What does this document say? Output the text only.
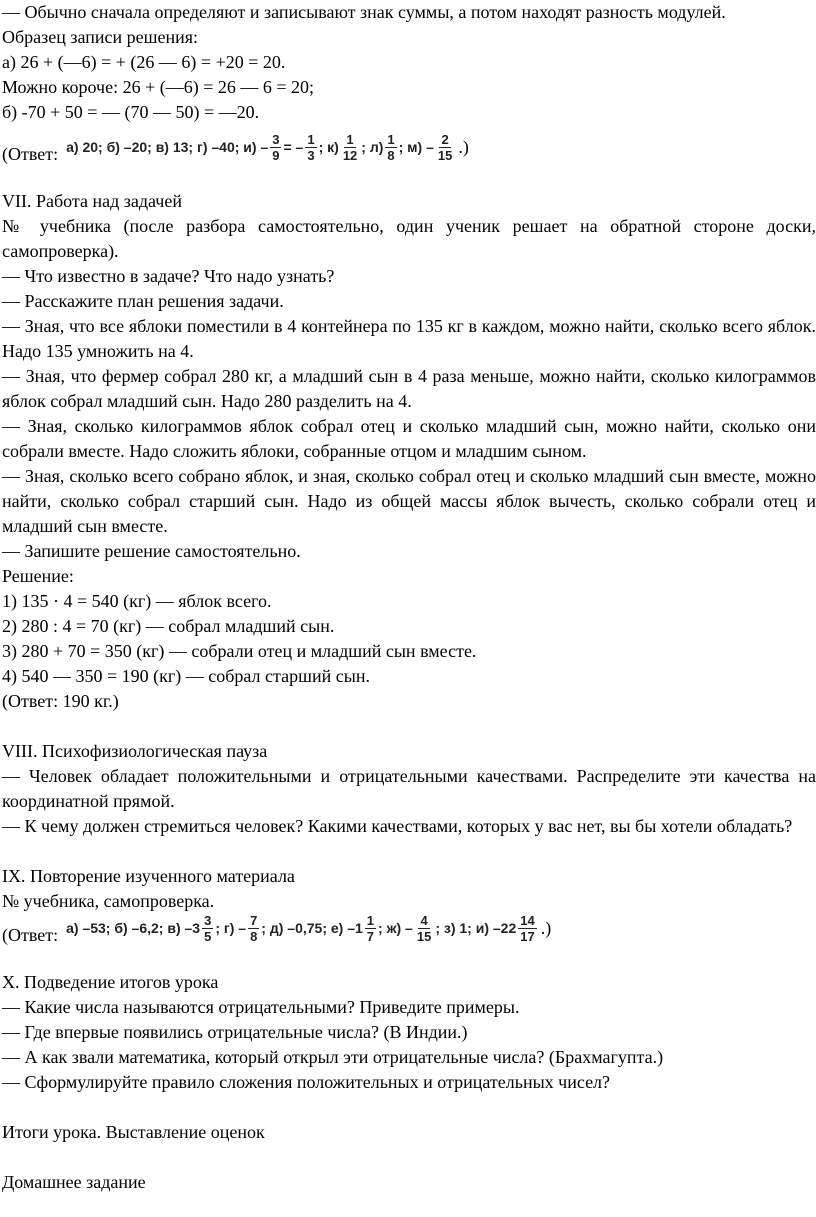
— Обычно сначала определяют и записывают знак суммы, а потом находят разность модулей.

Образец записи решения:

а) 26 + (—6) = + (26 — 6) = +20 = 20.

Можно короче: 26 + (—6) = 26 — 6 = 20;

б) -70 + 50 = — (70 — 50) = —20.

(Ответ: а) 20;
б) –20;
в) 13;
г) –40;
$и) - \frac{3}{9}$ = – $\frac{1}{3}$ ; $к) \frac{1}{12}$ ; $л) \frac{1}{8}$ ; $м) - \frac{2}{15}$ .)

VII. Работа над задачей

№ учебника (после разбора самостоятельно, один ученик решает на обратной стороне доски, самопроверка).

— Что известно в задаче? Что надо узнать?

— Расскажите план решения задачи.

— Зная, что все яблоки поместили в 4 контейнера по 135 кг в каждом, можно найти, сколько всего яблок. Надо 135 умножить на 4.

— Зная, что фермер собрал 280 кг, а младший сын в 4 раза меньше, можно найти, сколько килограммов яблок собрал младший сын. Надо 280 разделить на 4.

— Зная, сколько килограммов яблок собрал отец и сколько младший сын, можно найти, сколько они собрали вместе. Надо сложить яблоки, собранные отцом и младшим сыном.

— Зная, сколько всего собрано яблок, и зная, сколько собрал отец и сколько младший сын вместе, можно найти, сколько собрал старший сын. Надо из общей массы яблок вычесть, сколько собрали отец и младший сын вместе.

— Запишите решение самостоятельно.

Решение:

1) 135 · 4 = 540 (кг) — яблок всего.

2) 280 : 4 = 70 (кг) — собрал младший сын.

3) 280 + 70 = 350 (кг) — собрали отец и младший сын вместе.

4) 540 — 350 = 190 (кг) — собрал старший сын.

(Ответ: 190 кг.)

VIII. Психофизиологическая пауза

— Человек обладает положительными и отрицательными качествами. Распределите эти качества на координатной прямой.

— К чему должен стремиться человек? Какими качествами, которых у вас нет, вы бы хотели обладать?

IX. Повторение изученного материала

№ учебника, самопроверка.

(Ответ: а) –53;
б) –6,2;
в) $-3 \frac{3}{5}$ ; $г) - \frac{7}{8}$ ; д) –0,75;
е) $-1 \frac{1}{7}$ ; $ж) - \frac{4}{15}$ ; з) 1; и) $-22 \frac{14}{17}$ .)

X. Подведение итогов урока

— Какие числа называются отрицательными? Приведите примеры.

— Где впервые появились отрицательные числа? (В Индии.)

— А как звали математика, который открыл эти отрицательные числа? (Брахмагупта.)

— Сформулируйте правило сложения положительных и отрицательных чисел?

Итоги урока. Выставление оценок

Домашнее задание
